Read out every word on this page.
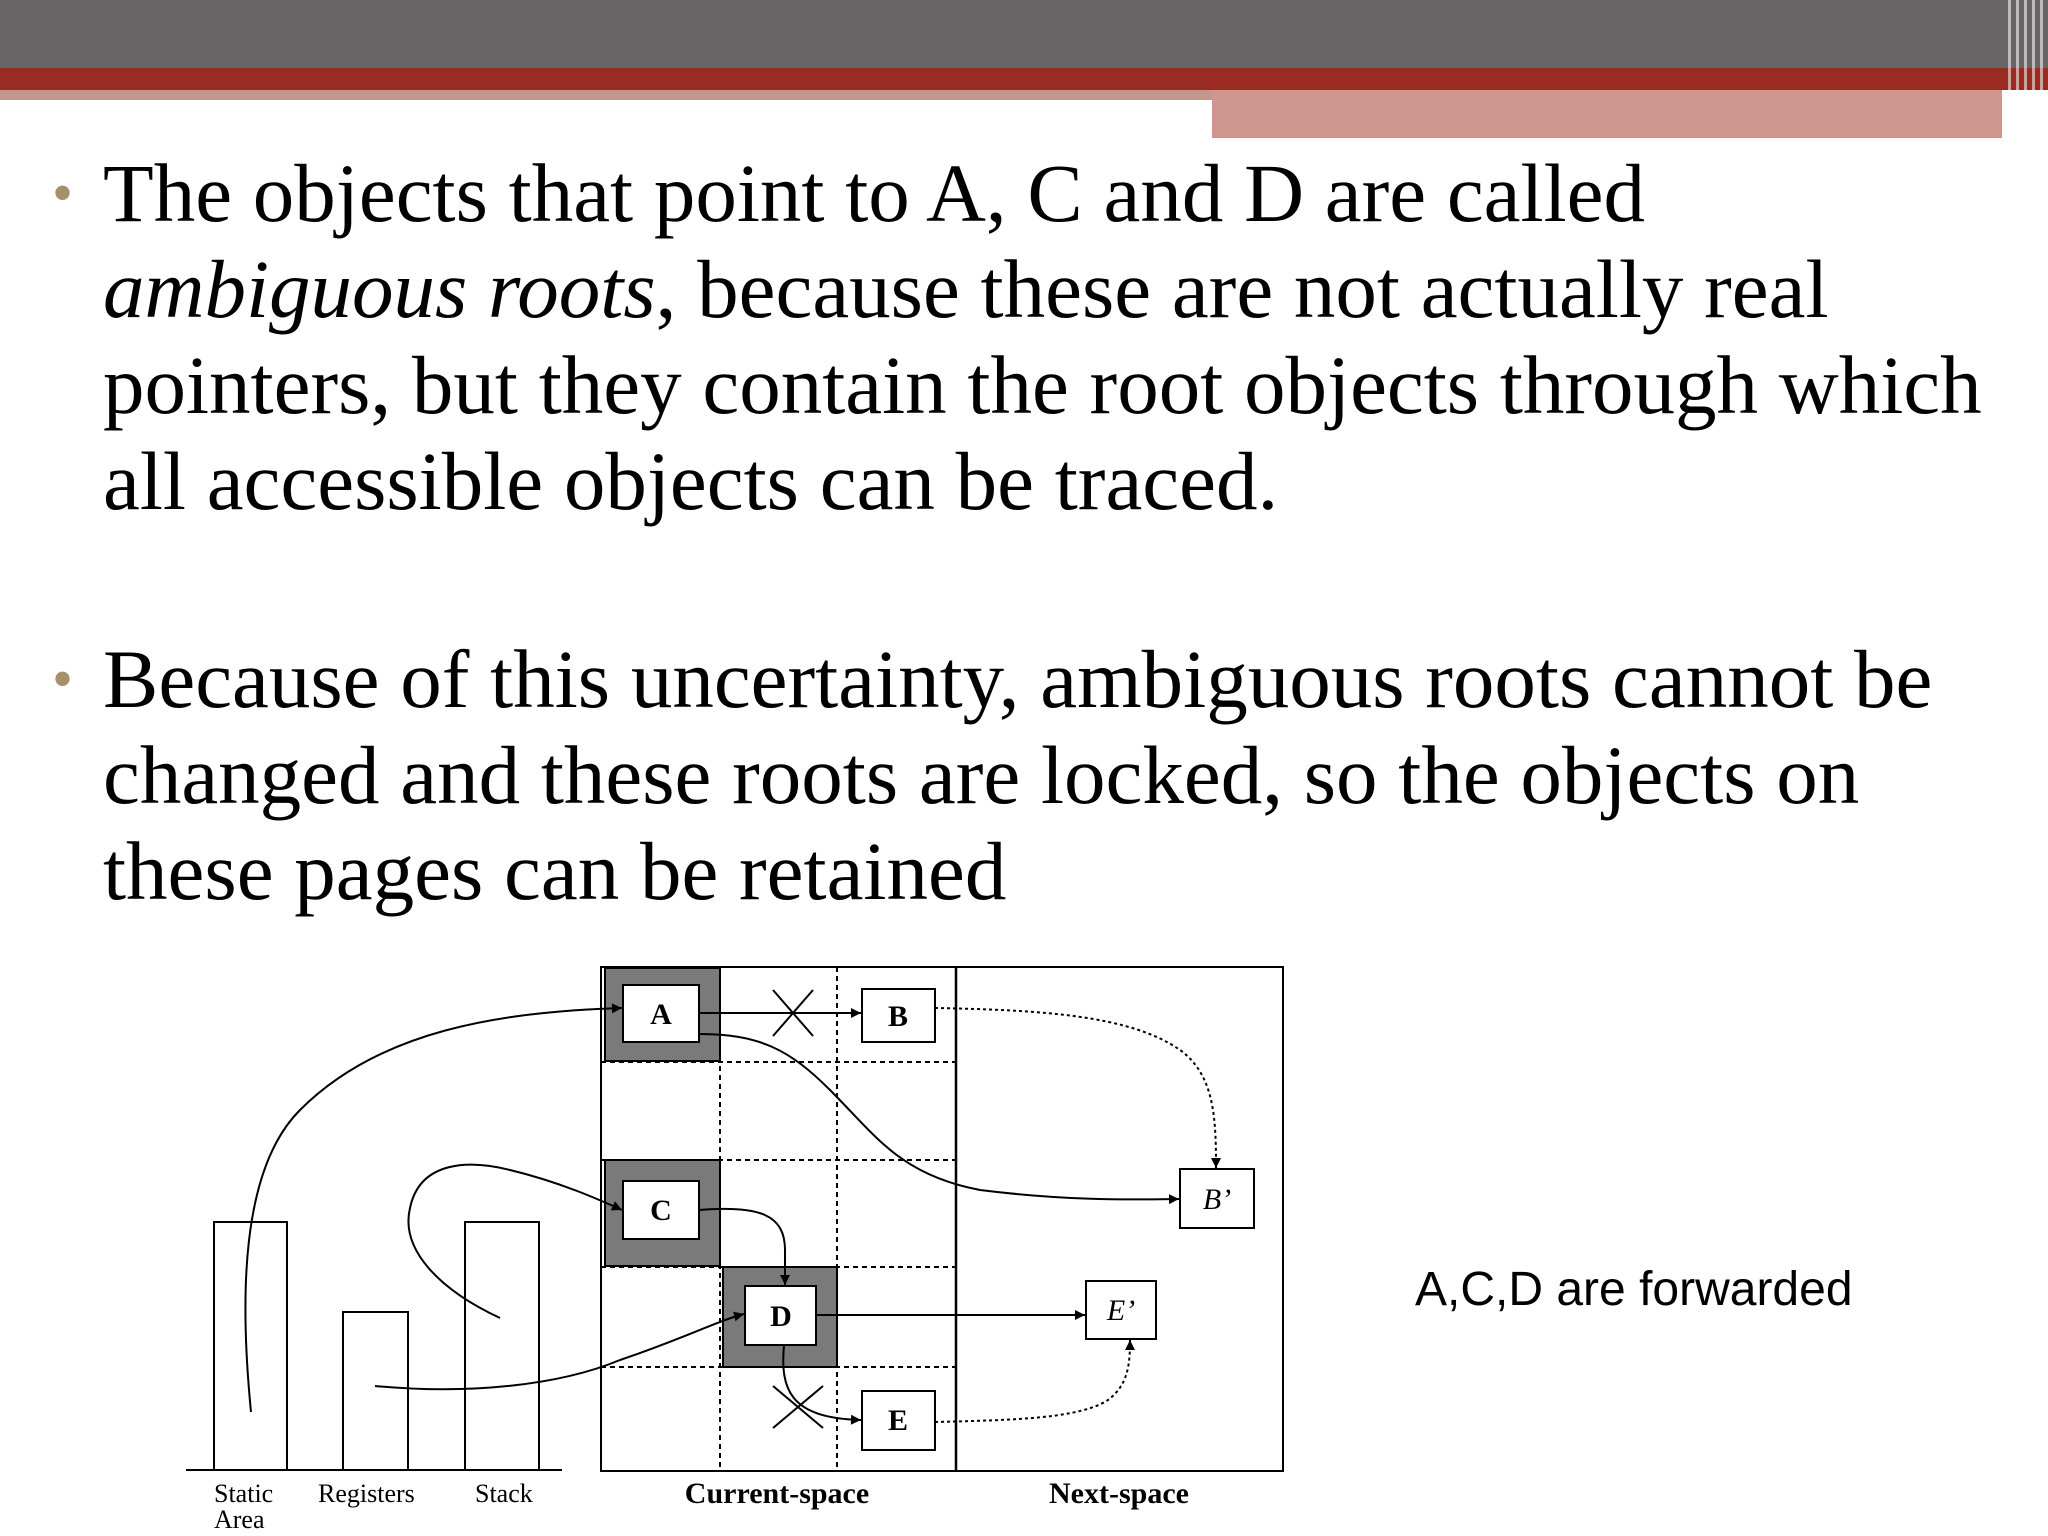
• The objects that point to A, C and D are called ambiguous roots, because these are not actually real pointers, but they contain the root objects through which all accessible objects can be traced.
• Because of this uncertainty, ambiguous roots cannot be changed and these roots are locked, so the objects on these pages can be retained
A	B
C
D
E
B’
E’
Static
Area
Registers Stack	Current-space	Next-space
A,C,D are forwarded
